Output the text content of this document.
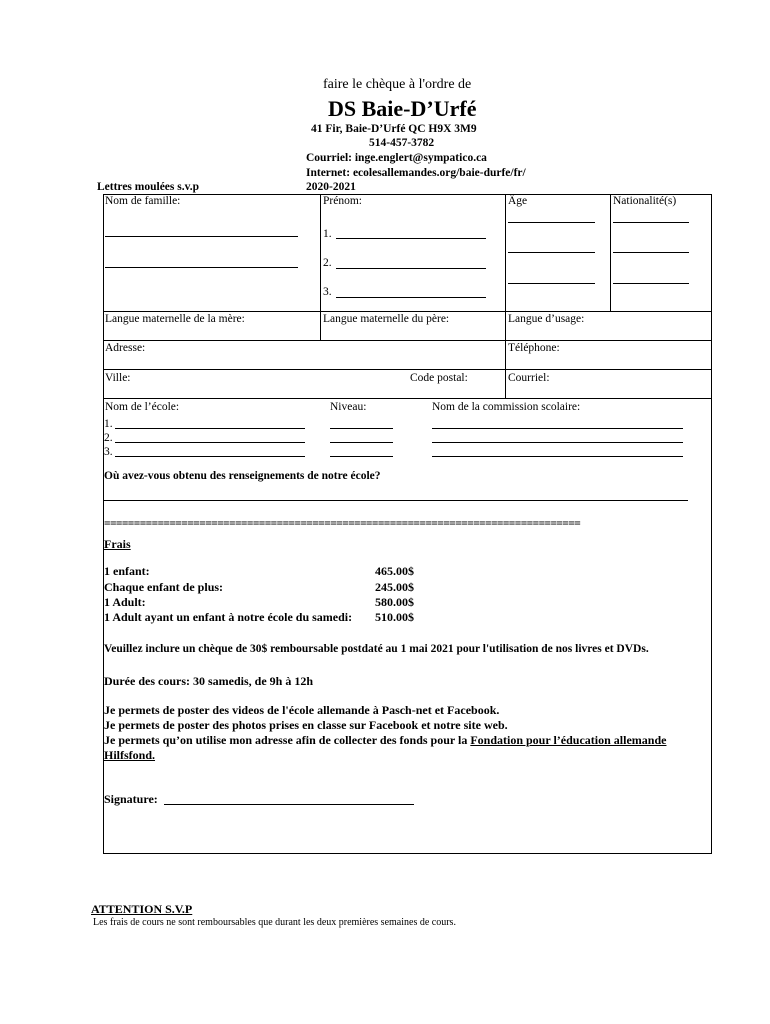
faire le chèque à l'ordre de
DS Baie-D’Urfé
41 Fir, Baie-D’Urfé QC H9X 3M9
514-457-3782
Courriel: inge.englert@sympatico.ca
Internet: ecolesallemandes.org/baie-durfe/fr/
2020-2021
Lettres moulées s.v.p
Nom de famille:	Prénom:	Âge	Nationalité(s)
1.
2.
3.
Langue maternelle de la mère:	Langue maternelle du père:	Langue d’usage:
Adresse:	Téléphone:
Ville:	Code postal:	Courriel:
Nom de l’école:	Niveau:	Nom de la commission scolaire:
1.
2.
3.
Où avez-vous obtenu des renseignements de notre école?
================================================================================
Frais
1 enfant:	465.00$
Chaque enfant de plus:	245.00$
1 Adult:	580.00$
1 Adult ayant un enfant à notre école du samedi: 510.00$
Veuillez inclure un chèque de 30$ remboursable postdaté au 1 mai 2021 pour l'utilisation de nos livres et DVDs.
Durée des cours: 30 samedis, de 9h à 12h
Je permets de poster des videos de l'école allemande à Pasch-net et Facebook.
Je permets de poster des photos prises en classe sur Facebook et notre site web.
Je permets qu’on utilise mon adresse afin de collecter des fonds pour la Fondation pour l’éducation allemande
Hilfsfond.
Signature:
ATTENTION S.V.P
Les frais de cours ne sont remboursables que durant les deux premières semaines de cours.
